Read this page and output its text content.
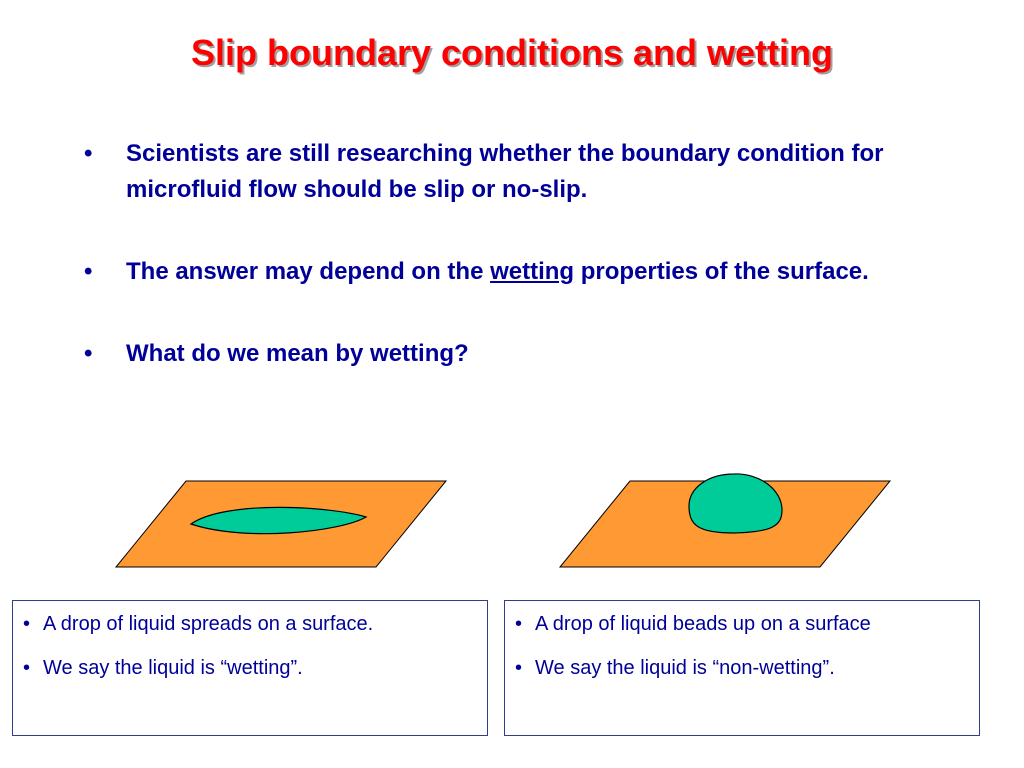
Slip boundary conditions and wetting
• Scientists are still researching whether the boundary condition for microfluid flow should be slip or no-slip.
• The answer may depend on the wetting properties of the surface.
• What do we mean by wetting?
• A drop of liquid spreads on a surface.
• We say the liquid is “wetting”.
• A drop of liquid beads up on a surface
• We say the liquid is “non-wetting”.
